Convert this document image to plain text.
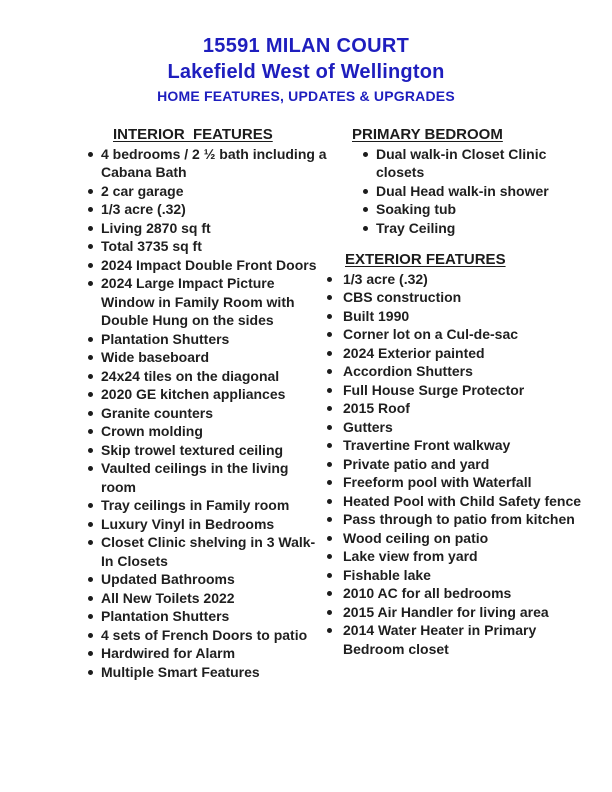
15591 MILAN COURT
Lakefield West of Wellington
HOME FEATURES, UPDATES & UPGRADES
INTERIOR  FEATURES
4 bedrooms / 2 ½ bath including a Cabana Bath
2 car garage
1/3 acre (.32)
Living 2870 sq ft
Total 3735 sq ft
2024 Impact Double Front Doors
2024 Large Impact Picture Window in Family Room with Double Hung on the sides
Plantation Shutters
Wide baseboard
24x24 tiles on the diagonal
2020 GE kitchen appliances
Granite counters
Crown molding
Skip trowel textured ceiling
Vaulted ceilings in the living room
Tray ceilings in Family room
Luxury Vinyl in Bedrooms
Closet Clinic shelving in 3 Walk-In Closets
Updated Bathrooms
All New Toilets 2022
Plantation Shutters
4 sets of French Doors to patio
Hardwired for Alarm
Multiple Smart Features
PRIMARY BEDROOM
Dual walk-in Closet Clinic closets
Dual Head walk-in shower
Soaking tub
Tray Ceiling
EXTERIOR FEATURES
1/3 acre (.32)
CBS construction
Built 1990
Corner lot on a Cul-de-sac
2024 Exterior painted
Accordion Shutters
Full House Surge Protector
2015 Roof
Gutters
Travertine Front walkway
Private patio and yard
Freeform pool with Waterfall
Heated Pool with Child Safety fence
Pass through to patio from kitchen
Wood ceiling on patio
Lake view from yard
Fishable lake
2010 AC for all bedrooms
2015 Air Handler for living area
2014 Water Heater in Primary Bedroom closet
